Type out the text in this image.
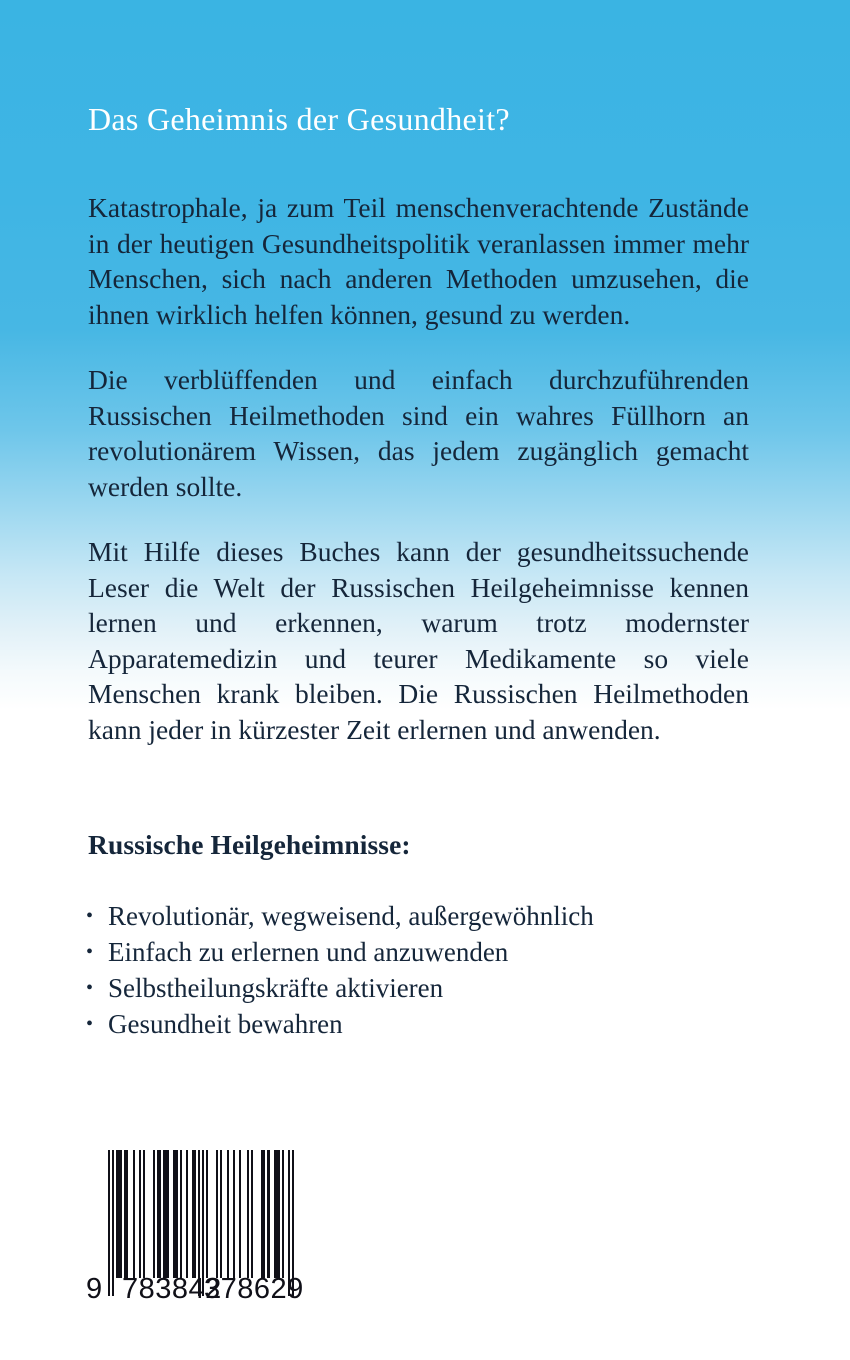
Das Geheimnis der Gesundheit?

Katastrophale, ja zum Teil menschenverachtende Zustände in der heutigen Gesundheitspolitik veranlassen immer mehr Menschen, sich nach anderen Methoden umzusehen, die ihnen wirklich helfen können, gesund zu werden.

Die verblüffenden und einfach durchzuführenden Russischen Heilmethoden sind ein wahres Füllhorn an revolutionärem Wissen, das jedem zugänglich gemacht werden sollte.

Mit Hilfe dieses Buches kann der gesundheitssuchende Leser die Welt der Russischen Heilgeheimnisse kennen lernen und erkennen, warum trotz modernster Apparatemedizin und teurer Medikamente so viele Menschen krank bleiben. Die Russischen Heilmethoden kann jeder in kürzester Zeit erlernen und anwenden.

Russische Heilgeheimnisse:
• Revolutionär, wegweisend, außergewöhnlich
• Einfach zu erlernen und anzuwenden
• Selbstheilungskräfte aktivieren
• Gesundheit bewahren
9 783842
378629
